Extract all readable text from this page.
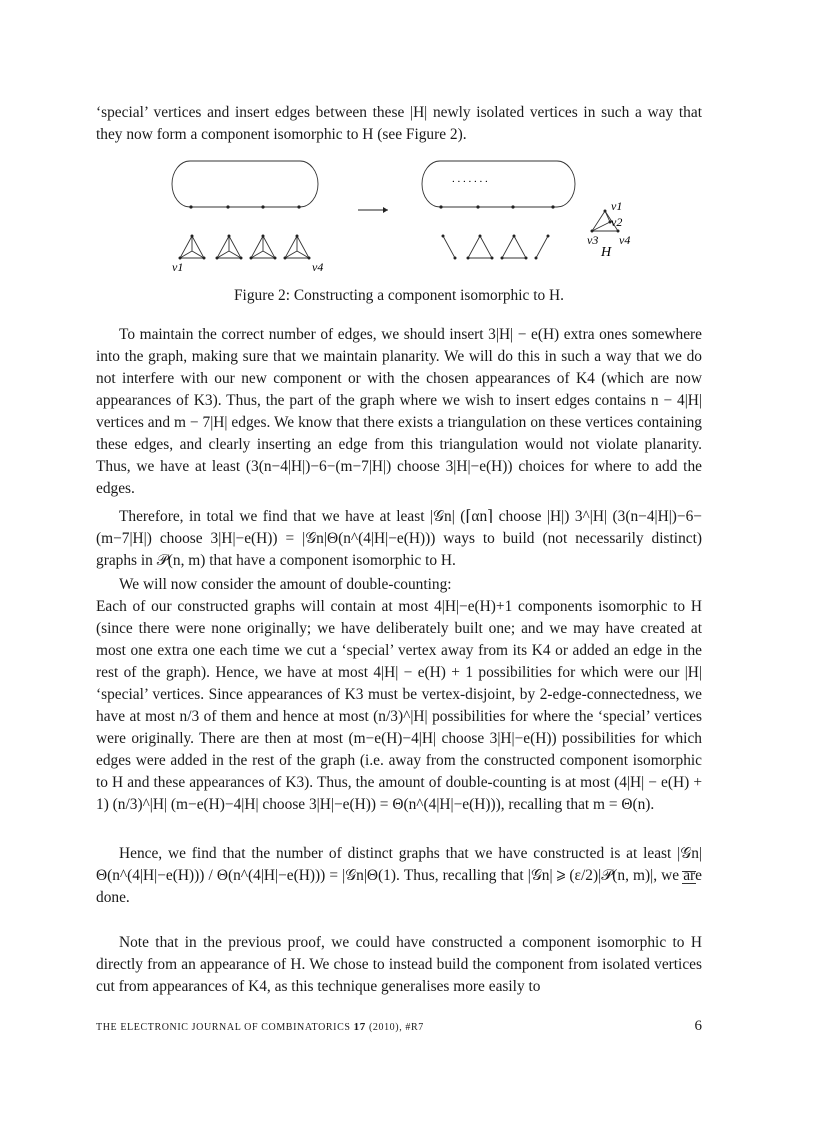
‘special’ vertices and insert edges between these |H| newly isolated vertices in such a way that they now form a component isomorphic to H (see Figure 2).

. . . . . . .
v1	v4
v1
v2
v3 v4
H
Figure 2: Constructing a component isomorphic to H.

To maintain the correct number of edges, we should insert 3|H| − e(H) extra ones somewhere into the graph, making sure that we maintain planarity. We will do this in such a way that we do not interfere with our new component or with the chosen appearances of K4 (which are now appearances of K3). Thus, the part of the graph where we wish to insert edges contains n − 4|H| vertices and m − 7|H| edges. We know that there exists a triangulation on these vertices containing these edges, and clearly inserting an edge from this triangulation would not violate planarity. Thus, we have at least (3(n−4|H|)−6−(m−7|H|) choose 3|H|−e(H)) choices for where to add the edges.

Therefore, in total we find that we have at least |𝒢n| (⌈αn⌉ choose |H|) 3^|H| (3(n−4|H|)−6−(m−7|H|) choose 3|H|−e(H)) = |𝒢n|Θ(n^(4|H|−e(H))) ways to build (not necessarily distinct) graphs in 𝒫(n, m) that have a component isomorphic to H.

We will now consider the amount of double-counting:

Each of our constructed graphs will contain at most 4|H|−e(H)+1 components isomorphic to H (since there were none originally; we have deliberately built one; and we may have created at most one extra one each time we cut a ‘special’ vertex away from its K4 or added an edge in the rest of the graph). Hence, we have at most 4|H| − e(H) + 1 possibilities for which were our |H| ‘special’ vertices. Since appearances of K3 must be vertex-disjoint, by 2-edge-connectedness, we have at most n/3 of them and hence at most (n/3)^|H| possibilities for where the ‘special’ vertices were originally. There are then at most (m−e(H)−4|H| choose 3|H|−e(H)) possibilities for which edges were added in the rest of the graph (i.e. away from the constructed component isomorphic to H and these appearances of K3). Thus, the amount of double-counting is at most (4|H| − e(H) + 1) (n/3)^|H| (m−e(H)−4|H| choose 3|H|−e(H)) = Θ(n^(4|H|−e(H))), recalling that m = Θ(n).

Hence, we find that the number of distinct graphs that we have constructed is at least |𝒢n|Θ(n^(4|H|−e(H))) / Θ(n^(4|H|−e(H))) = |𝒢n|Θ(1). Thus, recalling that |𝒢n| ⩾ (ε/2)|𝒫(n, m)|, we are done.

Note that in the previous proof, we could have constructed a component isomorphic to H directly from an appearance of H. We chose to instead build the component from isolated vertices cut from appearances of K4, as this technique generalises more easily to

THE ELECTRONIC JOURNAL OF COMBINATORICS 17 (2010), #R7	6
